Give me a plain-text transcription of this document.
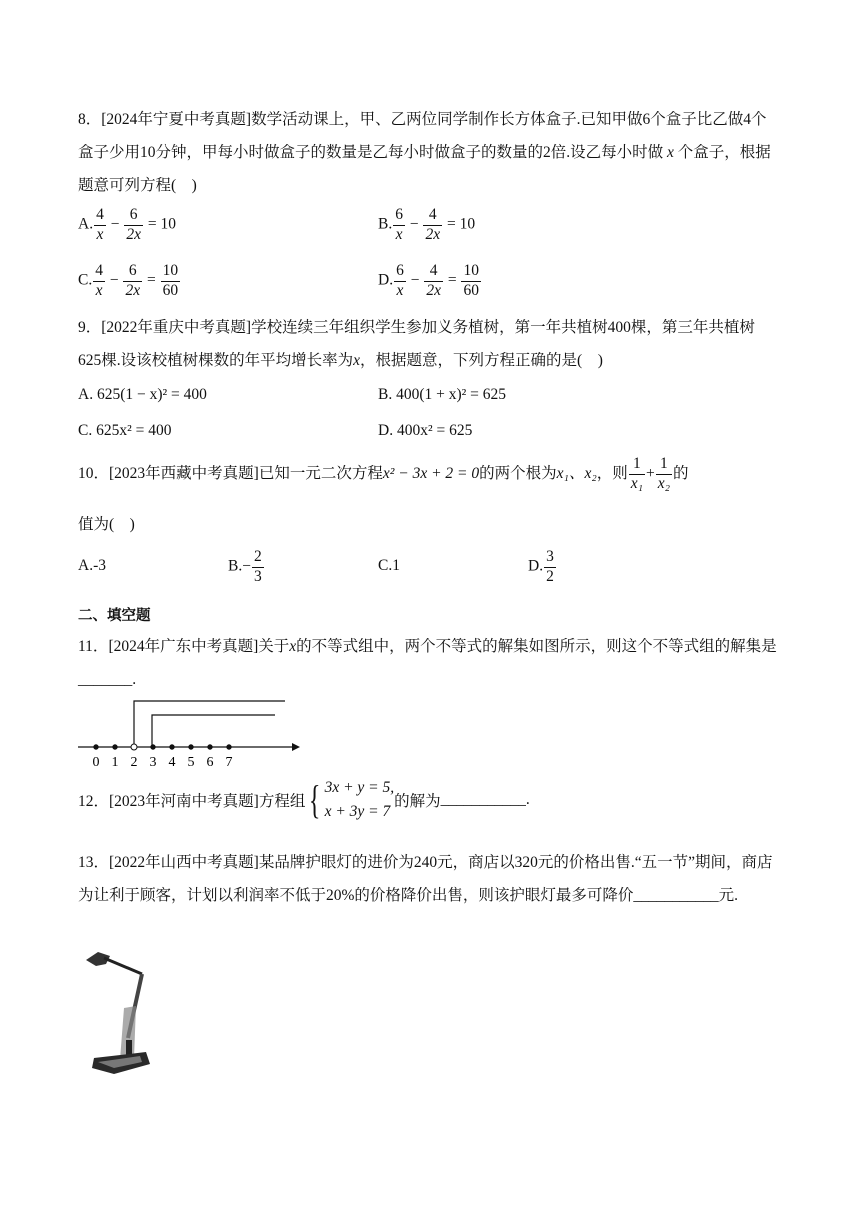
8．[2024年宁夏中考真题]数学活动课上，甲、乙两位同学制作长方体盒子.已知甲做6个盒子比乙做4个盒子少用10分钟，甲每小时做盒子的数量是乙每小时做盒子的数量的2倍.设乙每小时做 x 个盒子，根据题意可列方程(　)
A. $\frac{4}{x} - \frac{6}{2x} = 10$	B. $\frac{6}{x} - \frac{4}{2x} = 10$
C. $\frac{4}{x} - \frac{6}{2x} = \frac{10}{60}$	D. $\frac{6}{x} - \frac{4}{2x} = \frac{10}{60}$
9．[2022年重庆中考真题]学校连续三年组织学生参加义务植树，第一年共植树400棵，第三年共植树625棵.设该校植树棵数的年平均增长率为x，根据题意，下列方程正确的是(　)
A. 625(1 − x)² = 400	B. 400(1 + x)² = 625
C. 625x² = 400	D. 400x² = 625
10．[2023年西藏中考真题]已知一元二次方程x² − 3x + 2 = 0的两个根为x₁、x₂，则 $\frac{1}{\text{x₁}} + \frac{1}{\text{x₂}}$ 的
值为(　)
A.-3	$B.- \frac{2}{3}$	C.1	D. $\frac{3}{2}$
二、填空题
11．[2024年广东中考真题]关于x的不等式组中，两个不等式的解集如图所示，则这个不等式组的解集是_______.
0 1 2 3 4 5 6 7
12．[2023年河南中考真题]方程组{ 3x + y = 5,
x + 3y = 7
的解为___________.
13．[2022年山西中考真题]某品牌护眼灯的进价为240元，商店以320元的价格出售.“五一节”期间，商店为让利于顾客，计划以利润率不低于20%的价格降价出售，则该护眼灯最多可降价___________元.
